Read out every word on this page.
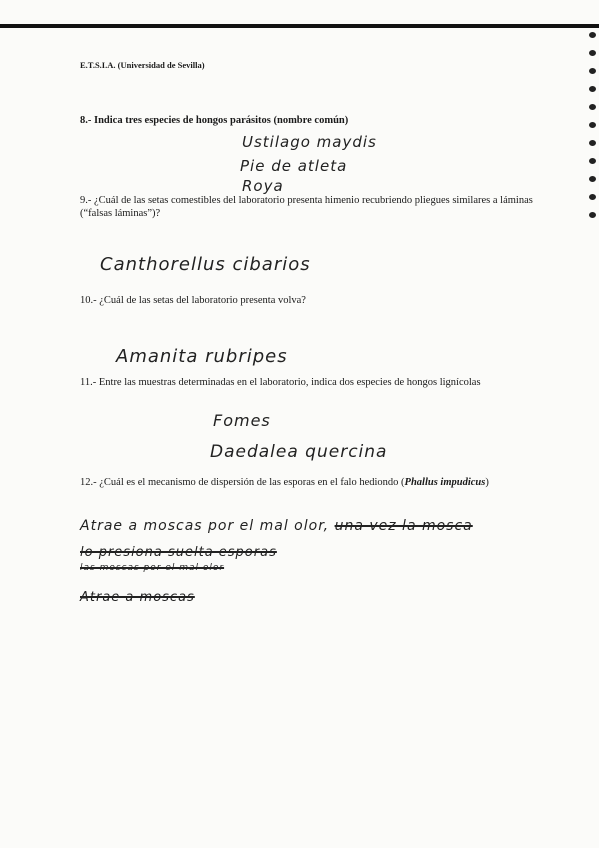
E.T.S.I.A. (Universidad de Sevilla)
8.- Indica tres especies de hongos parásitos (nombre común)
Ustilago maydis
Pie de atleta
Roya
9.- ¿Cuál de las setas comestibles del laboratorio presenta himenio recubriendo pliegues similares a láminas (“falsas láminas”)?
Canthorellus cibarios
10.- ¿Cuál de las setas del laboratorio presenta volva?
Amanita rubripes
11.- Entre las muestras determinadas en el laboratorio, indica dos especies de hongos lignícolas
Fomes
Daedalea quercina
12.- ¿Cuál es el mecanismo de dispersión de las esporas en el falo hediondo (Phallus impudicus)
Atrae a moscas por el mal olor, una vez la mosca
lo presiona suelta esporas
las moscas por el mal olor
Atrae a moscas
